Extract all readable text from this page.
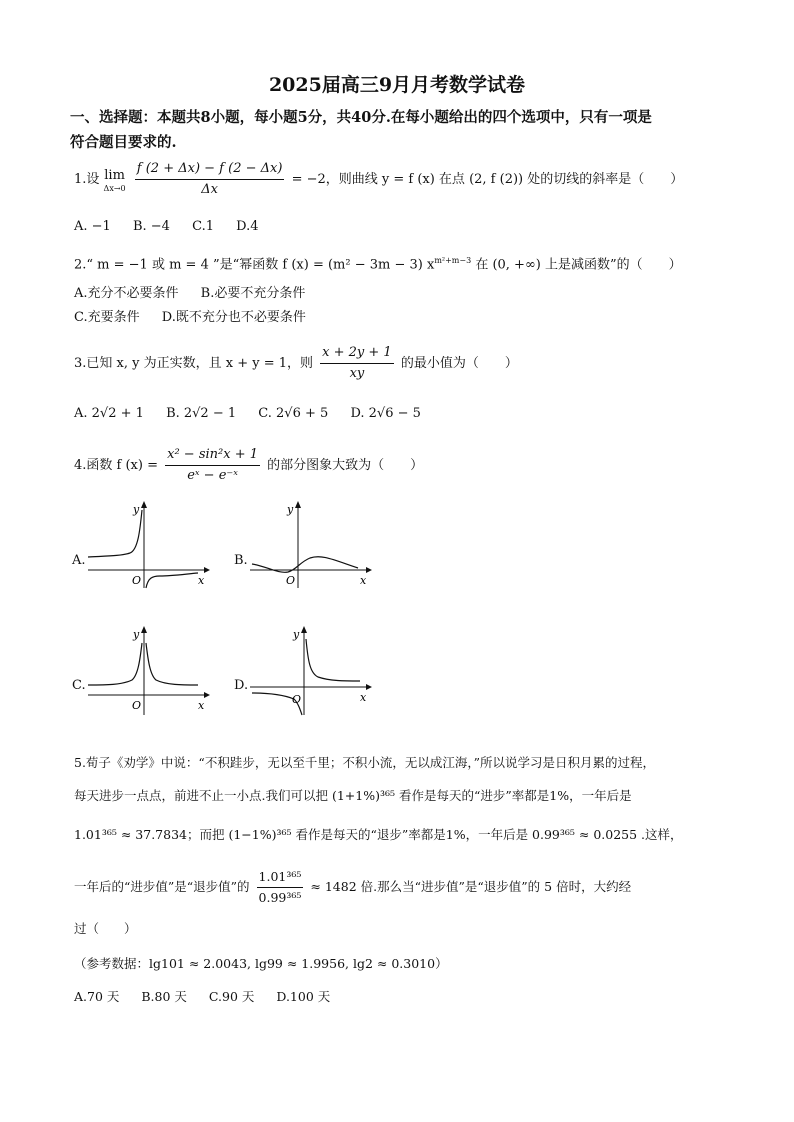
2025届高三9月月考数学试卷
一、选择题：本题共8小题，每小题5分，共40分.在每小题给出的四个选项中，只有一项是
符合题目要求的.
1.设 lim
Δx→0
$\frac{f (2 + \Delta x) - f (2 - \Delta x)}{\Delta x} = -2$，则曲线 y = f (x) 在点 (2, f (2)) 处的切线的斜率是（　　）
A. −1 B. −4 C.1 D.4
2.“ m = −1 或 m = 4 ”是“幂函数 f (x) = (m² − 3m − 3) $x^{m^2+m-3}$ 在 (0, +∞) 上是减函数”的（　　）
A.充分不必要条件 B.必要不充分条件
C.充要条件 D.既不充分也不必要条件
3.已知 x, y 为正实数，且 x + y = 1，则 $\frac{x + 2y + 1}{xy}$ 的最小值为（　　）
A. 2√2 + 1 B. 2√2 − 1 C. 2√6 + 5 D. 2√6 − 5
4.函数 f $(x) = \frac{\text{x² − sin²x + 1}}{\text{eˣ − e⁻ˣ}}$ 的部分图象大致为（　　）
A.
O	x
y
B.
O	x
y
C.
O	x
y
D.
O	x
y
5.荀子《劝学》中说：“不积跬步，无以至千里；不积小流，无以成江海，”所以说学习是日积月累的过程，
每天进步一点点，前进不止一小点.我们可以把 (1+1%)³⁶⁵ 看作是每天的“进步”率都是1%，一年后是
1.01³⁶⁵ ≈ 37.7834；而把 (1−1%)³⁶⁵ 看作是每天的“退步”率都是1%，一年后是 0.99³⁶⁵ ≈ 0.0255 .这样，
一年后的“进步值”是“退步值”的 $\frac{\text{1.01³⁶⁵}}{\text{0.99³⁶⁵}} \approx 1482$ 倍.那么当“进步值”是“退步值”的 5 倍时，大约经
过（　　）
（参考数据：lg101 ≈ 2.0043, lg99 ≈ 1.9956, lg2 ≈ 0.3010）
A.70 天 B.80 天 C.90 天 D.100 天
